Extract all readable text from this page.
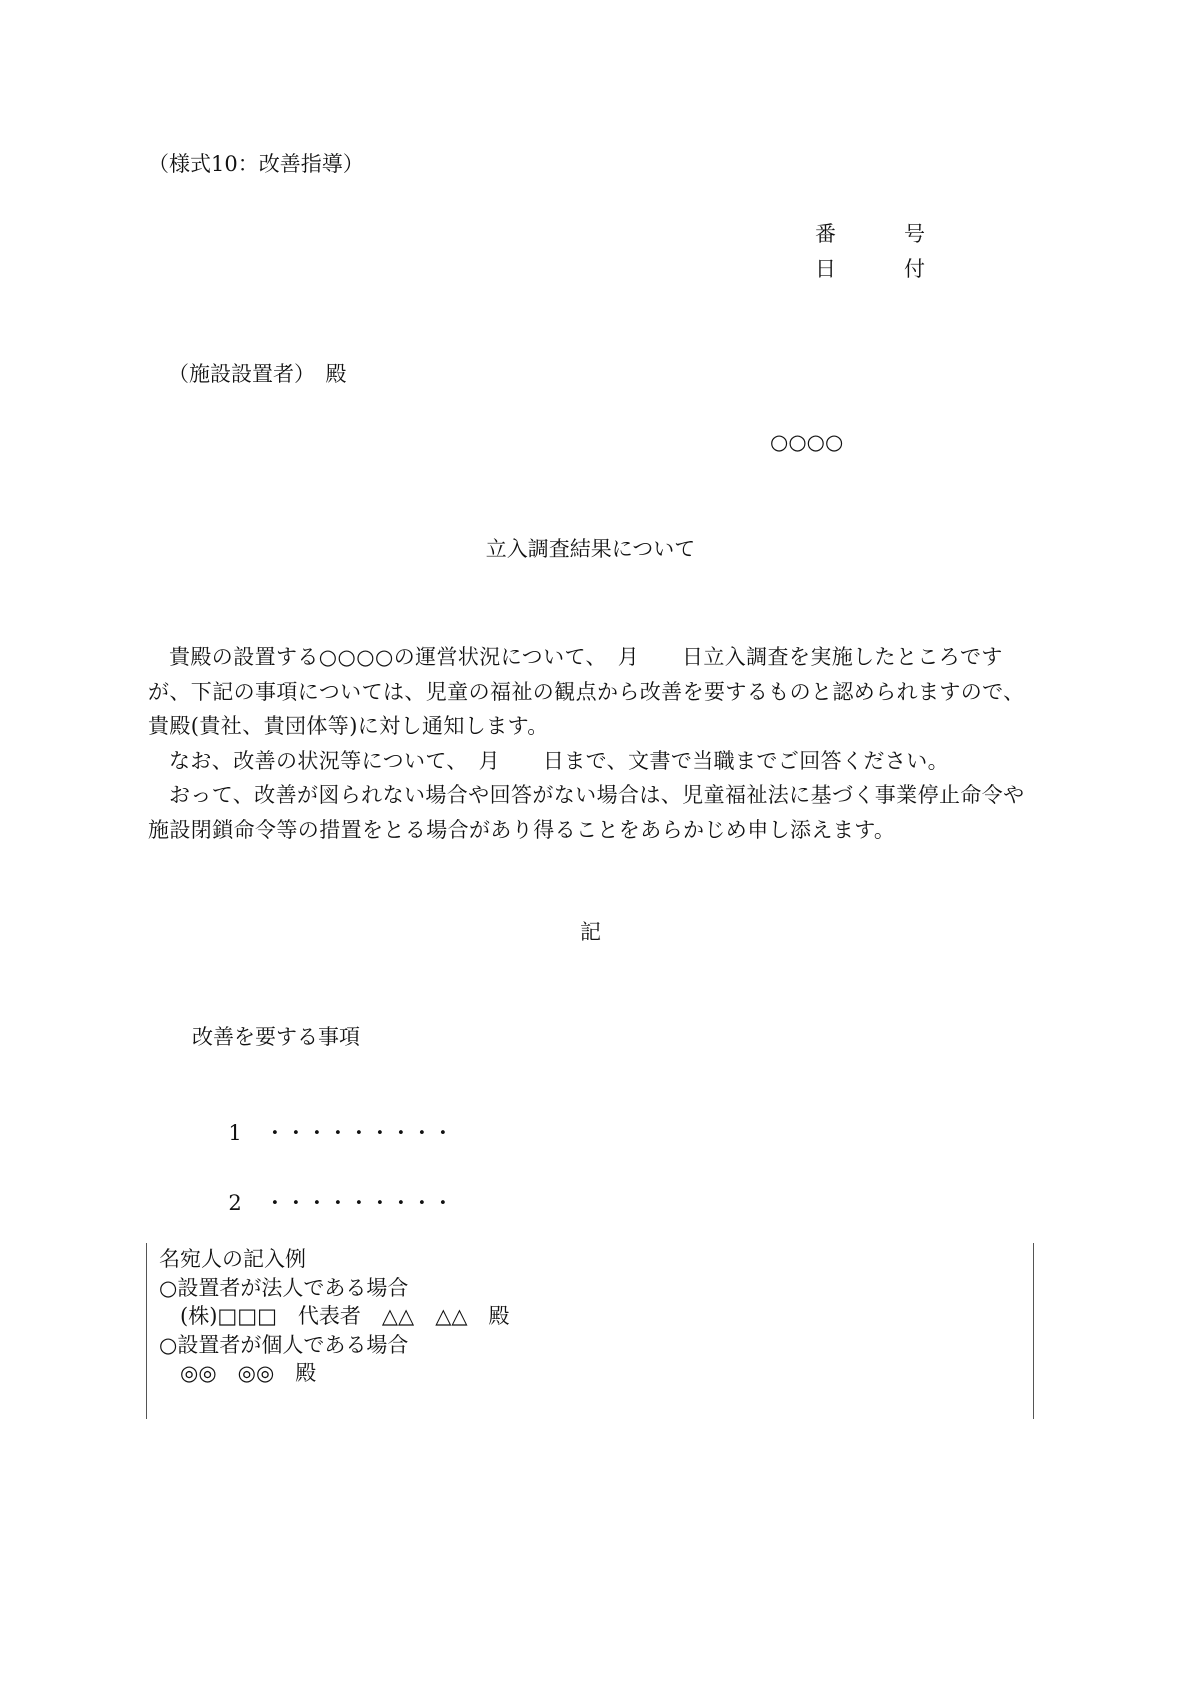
（様式10：改善指導）
番	号
日	付
（施設設置者）　殿
○○○○
立入調査結果について

貴殿の設置する○○○○の運営状況について、　月　　日立入調査を実施したところですが、下記の事項については、児童の福祉の観点から改善を要するものと認められますので、貴殿(貴社、貴団体等)に対し通知します。

なお、改善の状況等について、　月　　日まで、文書で当職までご回答ください。

おって、改善が図られない場合や回答がない場合は、児童福祉法に基づく事業停止命令や施設閉鎖命令等の措置をとる場合があり得ることをあらかじめ申し添えます。

記
改善を要する事項

1 ・・・・・・・・・

2 ・・・・・・・・・

名宛人の記入例
○設置者が法人である場合
　(株)□□□　代表者　△△　△△　殿
○設置者が個人である場合
　◎◎　◎◎　殿
